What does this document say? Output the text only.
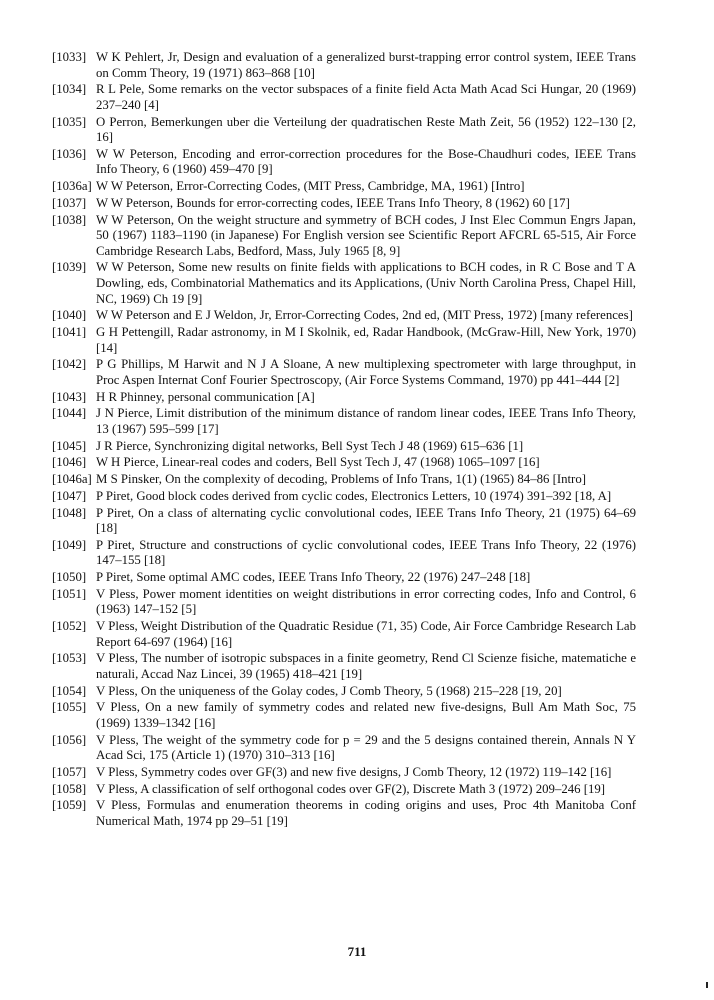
[1033] W K Pehlert, Jr, Design and evaluation of a generalized burst-trapping error control system, IEEE Trans on Comm Theory, 19 (1971) 863–868 [10]
[1034] R L Pele, Some remarks on the vector subspaces of a finite field Acta Math Acad Sci Hungar, 20 (1969) 237–240 [4]
[1035] O Perron, Bemerkungen uber die Verteilung der quadratischen Reste Math Zeit, 56 (1952) 122–130 [2, 16]
[1036] W W Peterson, Encoding and error-correction procedures for the Bose-Chaudhuri codes, IEEE Trans Info Theory, 6 (1960) 459–470 [9]
[1036a] W W Peterson, Error-Correcting Codes, (MIT Press, Cambridge, MA, 1961) [Intro]
[1037] W W Peterson, Bounds for error-correcting codes, IEEE Trans Info Theory, 8 (1962) 60 [17]
[1038] W W Peterson, On the weight structure and symmetry of BCH codes, J Inst Elec Commun Engrs Japan, 50 (1967) 1183–1190 (in Japanese) For English version see Scientific Report AFCRL 65-515, Air Force Cambridge Research Labs, Bedford, Mass, July 1965 [8, 9]
[1039] W W Peterson, Some new results on finite fields with applications to BCH codes, in R C Bose and T A Dowling, eds, Combinatorial Mathematics and its Applications, (Univ North Carolina Press, Chapel Hill, NC, 1969) Ch 19 [9]
[1040] W W Peterson and E J Weldon, Jr, Error-Correcting Codes, 2nd ed, (MIT Press, 1972) [many references]
[1041] G H Pettengill, Radar astronomy, in M I Skolnik, ed, Radar Handbook, (McGraw-Hill, New York, 1970) [14]
[1042] P G Phillips, M Harwit and N J A Sloane, A new multiplexing spectrometer with large throughput, in Proc Aspen Internat Conf Fourier Spectroscopy, (Air Force Systems Command, 1970) pp 441–444 [2]
[1043] H R Phinney, personal communication [A]
[1044] J N Pierce, Limit distribution of the minimum distance of random linear codes, IEEE Trans Info Theory, 13 (1967) 595–599 [17]
[1045] J R Pierce, Synchronizing digital networks, Bell Syst Tech J 48 (1969) 615–636 [1]
[1046] W H Pierce, Linear-real codes and coders, Bell Syst Tech J, 47 (1968) 1065–1097 [16]
[1046a] M S Pinsker, On the complexity of decoding, Problems of Info Trans, 1(1) (1965) 84–86 [Intro]
[1047] P Piret, Good block codes derived from cyclic codes, Electronics Letters, 10 (1974) 391–392 [18, A]
[1048] P Piret, On a class of alternating cyclic convolutional codes, IEEE Trans Info Theory, 21 (1975) 64–69 [18]
[1049] P Piret, Structure and constructions of cyclic convolutional codes, IEEE Trans Info Theory, 22 (1976) 147–155 [18]
[1050] P Piret, Some optimal AMC codes, IEEE Trans Info Theory, 22 (1976) 247–248 [18]
[1051] V Pless, Power moment identities on weight distributions in error correcting codes, Info and Control, 6 (1963) 147–152 [5]
[1052] V Pless, Weight Distribution of the Quadratic Residue (71, 35) Code, Air Force Cambridge Research Lab Report 64-697 (1964) [16]
[1053] V Pless, The number of isotropic subspaces in a finite geometry, Rend Cl Scienze fisiche, matematiche e naturali, Accad Naz Lincei, 39 (1965) 418–421 [19]
[1054] V Pless, On the uniqueness of the Golay codes, J Comb Theory, 5 (1968) 215–228 [19, 20]
[1055] V Pless, On a new family of symmetry codes and related new five-designs, Bull Am Math Soc, 75 (1969) 1339–1342 [16]
[1056] V Pless, The weight of the symmetry code for p = 29 and the 5 designs contained therein, Annals N Y Acad Sci, 175 (Article 1) (1970) 310–313 [16]
[1057] V Pless, Symmetry codes over GF(3) and new five designs, J Comb Theory, 12 (1972) 119–142 [16]
[1058] V Pless, A classification of self orthogonal codes over GF(2), Discrete Math 3 (1972) 209–246 [19]
[1059] V Pless, Formulas and enumeration theorems in coding origins and uses, Proc 4th Manitoba Conf Numerical Math, 1974 pp 29–51 [19]
711
